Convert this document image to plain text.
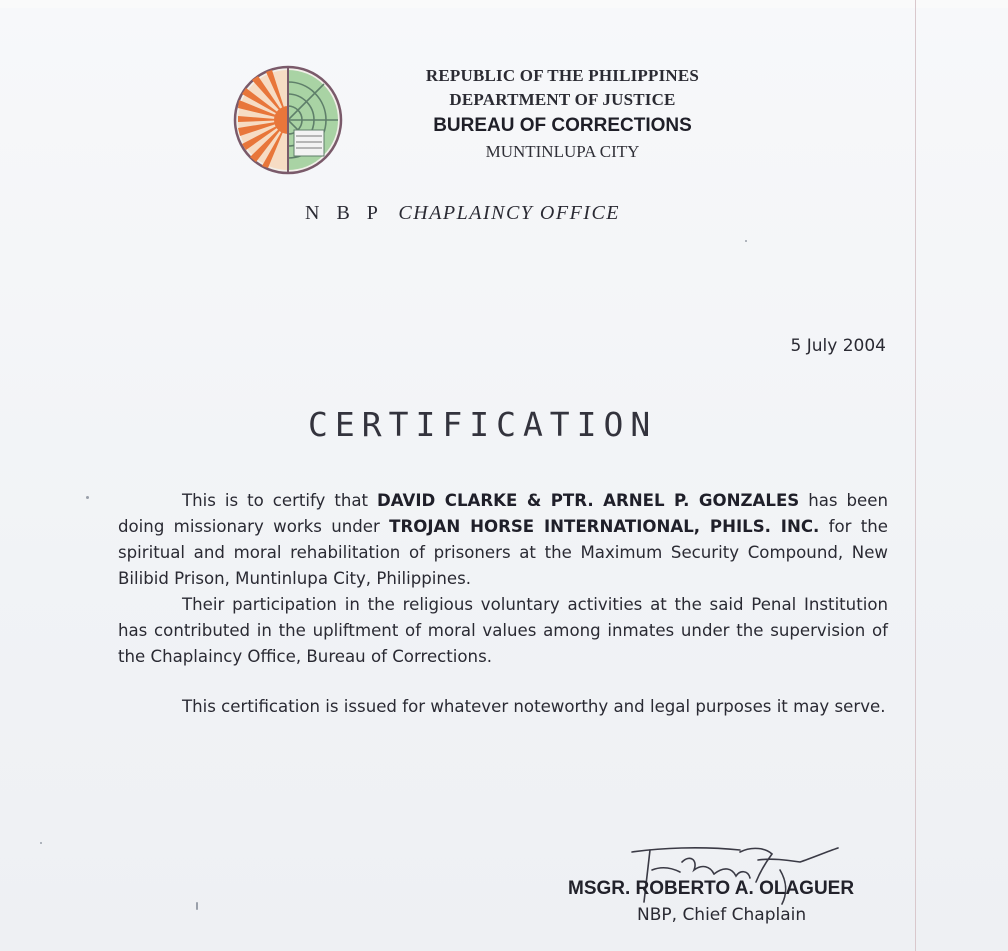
REPUBLIC OF THE PHILIPPINES
DEPARTMENT OF JUSTICE
BUREAU OF CORRECTIONS
MUNTINLUPA CITY
N B P CHAPLAINCY OFFICE
5 July 2004
CERTIFICATION

This is to certify that DAVID CLARKE & PTR. ARNEL P. GONZALES has been doing missionary works under TROJAN HORSE INTERNATIONAL, PHILS. INC. for the spiritual and moral rehabilitation of prisoners at the Maximum Security Compound, New Bilibid Prison, Muntinlupa City, Philippines.

Their participation in the religious voluntary activities at the said Penal Institution has contributed in the upliftment of moral values among inmates under the supervision of the Chaplaincy Office, Bureau of Corrections.

This certification is issued for whatever noteworthy and legal purposes it may serve.

MSGR. ROBERTO A. OLAGUER
NBP, Chief Chaplain
